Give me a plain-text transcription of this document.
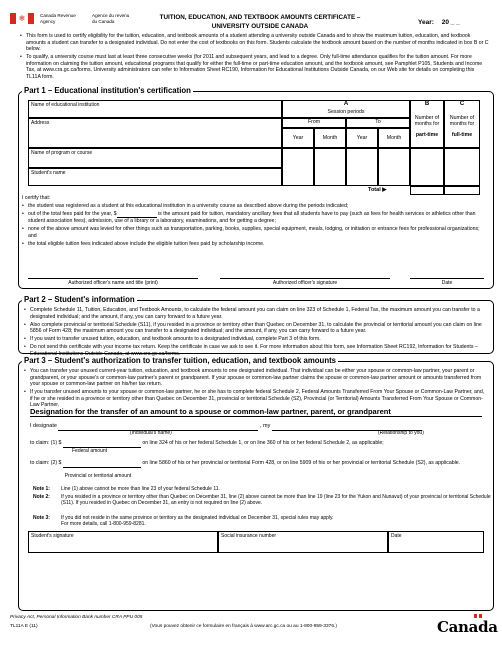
❄	Canada Revenue
Agency
Agence du revenu
du Canada	TUITION, EDUCATION, AND TEXTBOOK AMOUNTS CERTIFICATE –
UNIVERSITY OUTSIDE CANADA	Year: 20 _ _
• This form is used to certify eligibility for the tuition, education, and textbook amounts of a student attending a university outside Canada and to show the maximum tuition, education, and textbook amounts a student can transfer to a designated individual. Do not enter the cost of textbooks on this form. Students calculate the textbook amount based on the number of months indicated in box B or C below.
• To qualify, a university course must last at least three consecutive weeks (for 2011 and subsequent years, and lead to a degree. Only full-time attendance qualifies for the tuition amount. For more information on claiming the tuition amount, educational programs that qualify for either the full-time or part-time education amount, and the textbook amount, see Pamphlet P105, Students and Income Tax, at www.cra.gc.ca/forms. University administrators can refer to Information Sheet RC190, Information for Educational Institutions Outside Canada, on our Web site for details on completing this TL11A form.
Part 1 – Educational institution's certification
Name of educational institution
Address
Name of program or course
Student's name
A
Session periods
From	To
Year	Month	Year	Month
B
Number of months for
part-time
C
Number of months for
full-time
Total ▶
I certify that:
• the student was registered as a student at this educational institution in a university course as described above during the periods indicated;
• out of the total fees paid for the year, $	is the amount paid for tuition, mandatory ancillary fees that all students have to pay (such as fees for health services or athletics other than student association fees), admission, use of a library or a laboratory, examinations, and for getting a degree;
• none of the above amount was levied for other things such as transportation, parking, books, supplies, special equipment, meals, lodging, or initiation or entrance fees for professional organizations; and
• the total eligible tuition fees indicated above include the eligible tuition fees paid by scholarship income.
Authorized officer's name and title (print)	Authorized officer's signature	Date
Part 2 – Student's information
• Complete Schedule 11, Tuition, Education, and Textbook Amounts, to calculate the federal amount you can claim on line 323 of Schedule 1, Federal Tax, the maximum amount you can transfer to a designated individual; and the amount, if any, you can carry forward to a future year.
• Also complete provincial or territorial Schedule (S11), if you resided in a province or territory other than Quebec on December 31, to calculate the provincial or territorial amount you can claim on line 5856 of Form 428; the maximum amount you can transfer to a designated individual; and the amount, if any, you can carry forward to a future year.
• If you want to transfer unused tuition, education, and textbook amounts to a designated individual, complete Part 3 of this form.
• Do not send this certificate with your income tax return. Keep the certificate in case we ask to see it. For more information about this form, see Information Sheet RC192, Information for Students – Educational Institutions Outside Canada, at www.cra.gc.ca/forms.
Part 3 – Student's authorization to transfer tuition, education, and textbook amounts
• You can transfer your unused current-year tuition, education, and textbook amounts to one designated individual. That individual can be either your spouse or common-law partner, your parent or grandparent, or your spouse's or common-law partner's parent or grandparent. If your spouse or common-law partner claims the spouse or common-law partner amount or amounts transferred from your spouse or common-law partner on his/her tax return.
• If you transfer unused amounts to your spouse or common-law partner, he or she has to complete federal Schedule 2, Federal Amounts Transferred From Your Spouse or Common-Law Partner, and, if he or she resided in a province or territory other than Quebec on December 31, provincial or territorial Schedule (S2), Provincial (or Territorial) Amounts Transferred From Your Spouse or Common-Law Partner.
Designation for the transfer of an amount to a spouse or common-law partner, parent, or grandparent
I designate	, my
(Individual's name)	(Relationship to you)
to claim: (1) $	on line 324 of his or her federal Schedule 1, or on line 360 of his or her federal Schedule 2, as applicable;
Federal amount
to claim: (2) $	on line 5860 of his or her provincial or territorial Form 428, or on line 5909 of his or her provincial or territorial Schedule (S2), as applicable.
Provincial or territorial amount
Note 1: Line (1) above cannot be more than line 23 of your federal Schedule 11.
Note 2: If you resided in a province or territory other than Quebec on December 31, line (2) above cannot be more than line 19 (line 23 for the Yukon and Nunavut) of your provincial or territorial Schedule (S11). If you resided in Quebec on December 31, an entry is not required on line (2) above.
Note 3: If you did not reside in the same province or territory as the designated individual on December 31, special rules may apply.
For more details, call 1-800-959-8281.
Student's signature	Social insurance number	Date
Privacy Act, Personal Information Bank number CRA PPU 005
TL11A E (11)	(Vous pouvez obtenir ce formulaire en français à www.arc.gc.ca ou au 1-800-959-3376.)	Canada
